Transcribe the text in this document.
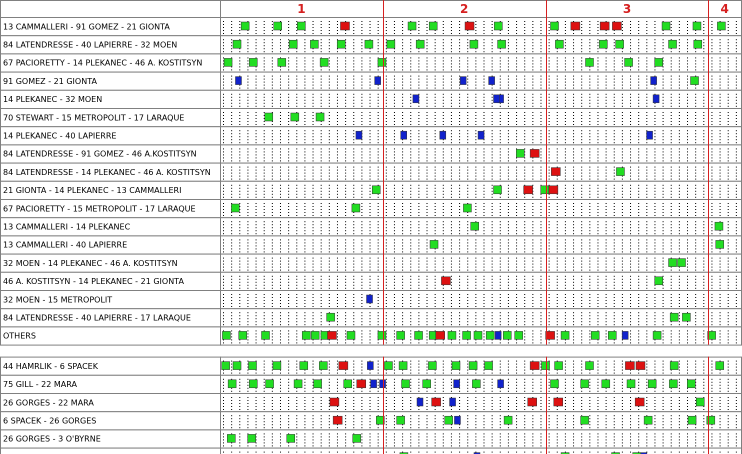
13 CAMMALLERI - 91 GOMEZ - 21 GIONTA
84 LATENDRESSE - 40 LAPIERRE - 32 MOEN
67 PACIORETTY - 14 PLEKANEC - 46 A. KOSTITSYN
91 GOMEZ - 21 GIONTA
14 PLEKANEC - 32 MOEN
70 STEWART - 15 METROPOLIT - 17 LARAQUE
14 PLEKANEC - 40 LAPIERRE
84 LATENDRESSE - 91 GOMEZ - 46 A.KOSTITSYN
84 LATENDRESSE - 14 PLEKANEC - 46 A. KOSTITSYN
21 GIONTA - 14 PLEKANEC - 13 CAMMALLERI
67 PACIORETTY - 15 METROPOLIT - 17 LARAQUE
13 CAMMALLERI - 14 PLEKANEC
13 CAMMALLERI - 40 LAPIERRE
32 MOEN - 14 PLEKANEC - 46 A. KOSTITSYN
46 A. KOSTITSYN - 14 PLEKANEC - 21 GIONTA
32 MOEN - 15 METROPOLIT
84 LATENDRESSE - 40 LAPIERRE - 17 LARAQUE
OTHERS
44 HAMRLIK - 6 SPACEK
75 GILL - 22 MARA
26 GORGES - 22 MARA
6 SPACEK - 26 GORGES
26 GORGES - 3 O'BYRNE
1	2	3	4
